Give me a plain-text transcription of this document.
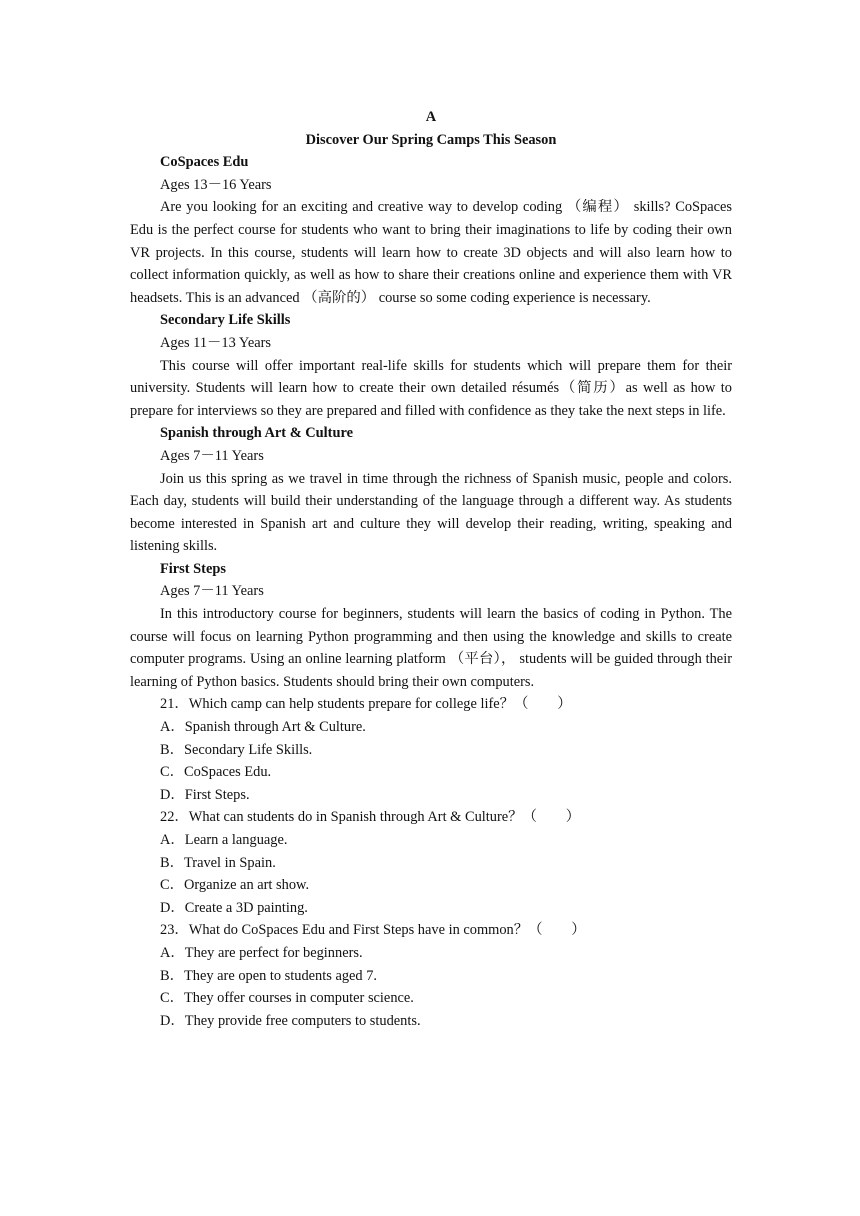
A
Discover Our Spring Camps This Season
CoSpaces Edu
Ages 13－16 Years

Are you looking for an exciting and creative way to develop coding （编程） skills? CoSpaces Edu is the perfect course for students who want to bring their imaginations to life by coding their own VR projects. In this course, students will learn how to create 3D objects and will also learn how to collect information quickly, as well as how to share their creations online and experience them with VR headsets. This is an advanced （高阶的） course so some coding experience is necessary.

Secondary Life Skills
Ages 11－13 Years

This course will offer important real-life skills for students which will prepare them for their university. Students will learn how to create their own detailed résumés（简历）as well as how to prepare for interviews so they are prepared and filled with confidence as they take the next steps in life.

Spanish through Art & Culture
Ages 7－11 Years

Join us this spring as we travel in time through the richness of Spanish music, people and colors. Each day, students will build their understanding of the language through a different way. As students become interested in Spanish art and culture they will develop their reading, writing, speaking and listening skills.

First Steps
Ages 7－11 Years

In this introductory course for beginners, students will learn the basics of coding in Python. The course will focus on learning Python programming and then using the knowledge and skills to create computer programs. Using an online learning platform （平台）， students will be guided through their learning of Python basics. Students should bring their own computers.

21．Which camp can help students prepare for college life？（　　）
A．Spanish through Art & Culture.
B．Secondary Life Skills.
C．CoSpaces Edu.
D．First Steps.
22．What can students do in Spanish through Art & Culture？（　　）
A．Learn a language.
B．Travel in Spain.
C．Organize an art show.
D．Create a 3D painting.
23．What do CoSpaces Edu and First Steps have in common？（　　）
A．They are perfect for beginners.
B．They are open to students aged 7.
C．They offer courses in computer science.
D．They provide free computers to students.
